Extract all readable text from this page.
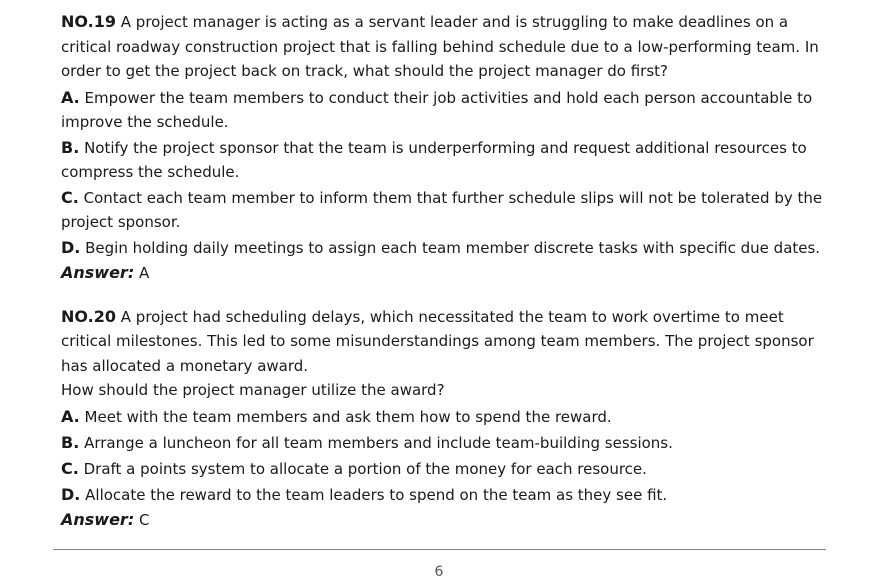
NO.19 A project manager is acting as a servant leader and is struggling to make deadlines on a critical roadway construction project that is falling behind schedule due to a low-performing team. In order to get the project back on track, what should the project manager do first?

A. Empower the team members to conduct their job activities and hold each person accountable to improve the schedule.

B. Notify the project sponsor that the team is underperforming and request additional resources to compress the schedule.

C. Contact each team member to inform them that further schedule slips will not be tolerated by the project sponsor.

D. Begin holding daily meetings to assign each team member discrete tasks with specific due dates.

Answer: A

NO.20 A project had scheduling delays, which necessitated the team to work overtime to meet critical milestones. This led to some misunderstandings among team members. The project sponsor has allocated a monetary award.

How should the project manager utilize the award?

A. Meet with the team members and ask them how to spend the reward.

B. Arrange a luncheon for all team members and include team-building sessions.

C. Draft a points system to allocate a portion of the money for each resource.

D. Allocate the reward to the team leaders to spend on the team as they see fit.

Answer: C

6
